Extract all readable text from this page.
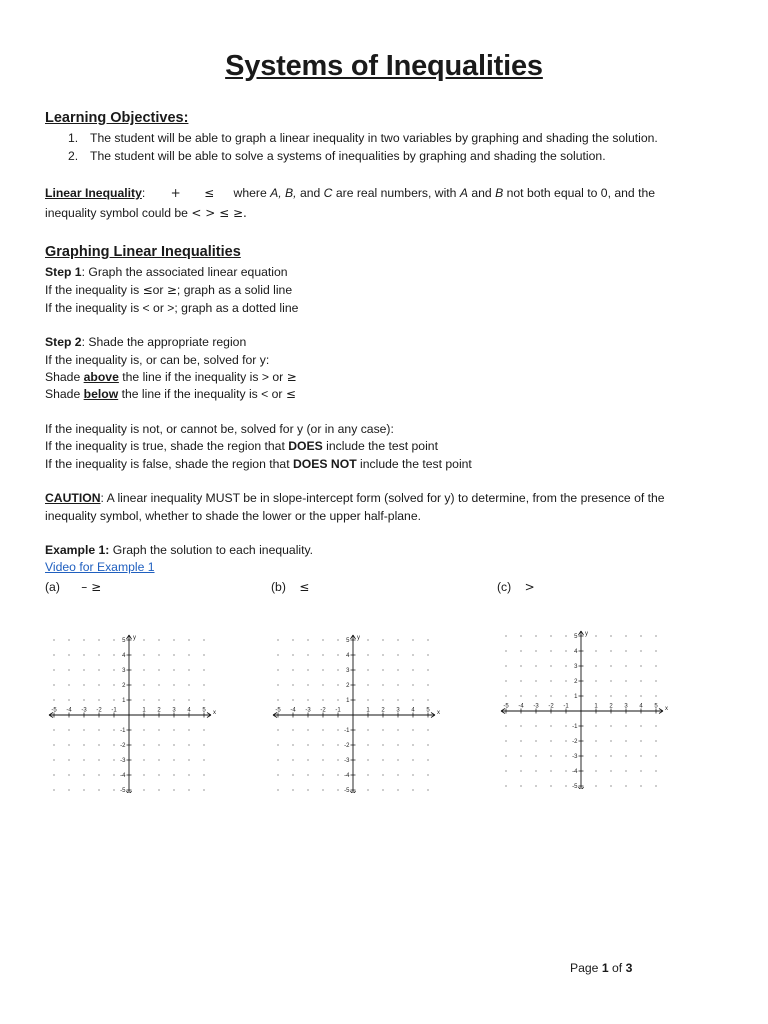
Systems of Inequalities
Learning Objectives:
1. The student will be able to graph a linear inequality in two variables by graphing and shading the solution.
2. The student will be able to solve a systems of inequalities by graphing and shading the solution.
Linear Inequality: + ≤ where A, B, and C are real numbers, with A and B not both equal to 0, and the
inequality symbol could be < > ≤ ≥.
Graphing Linear Inequalities
Step 1: Graph the associated linear equation
If the inequality is ≤or ≥; graph as a solid line
If the inequality is < or >; graph as a dotted line
Step 2: Shade the appropriate region
If the inequality is, or can be, solved for y:
Shade above the line if the inequality is > or ≥
Shade below the line if the inequality is < or ≤
If the inequality is not, or cannot be, solved for y (or in any case):
If the inequality is true, shade the region that DOES include the test point
If the inequality is false, shade the region that DOES NOT include the test point
CAUTION: A linear inequality MUST be in slope-intercept form (solved for y) to determine, from the presence of the
inequality symbol, whether to shade the lower or the upper half-plane.
Example 1: Graph the solution to each inequality.
Video for Example 1
(a) – ≥	(b) ≤	(c) >
-5
-5
-4
-4
-3
-3
-2
-2
-1
-1
1
1
2
2
3
3
4
4
5
5
x
y
-5
-5
-4
-4
-3
-3
-2
-2
-1
-1
1
1
2
2
3
3
4
4
5
5
x
y
-5
-5
-4
-4
-3
-3
-2
-2
-1
-1
1
1
2
2
3
3
4
4
5
5
x
y
Page 1 of 3
